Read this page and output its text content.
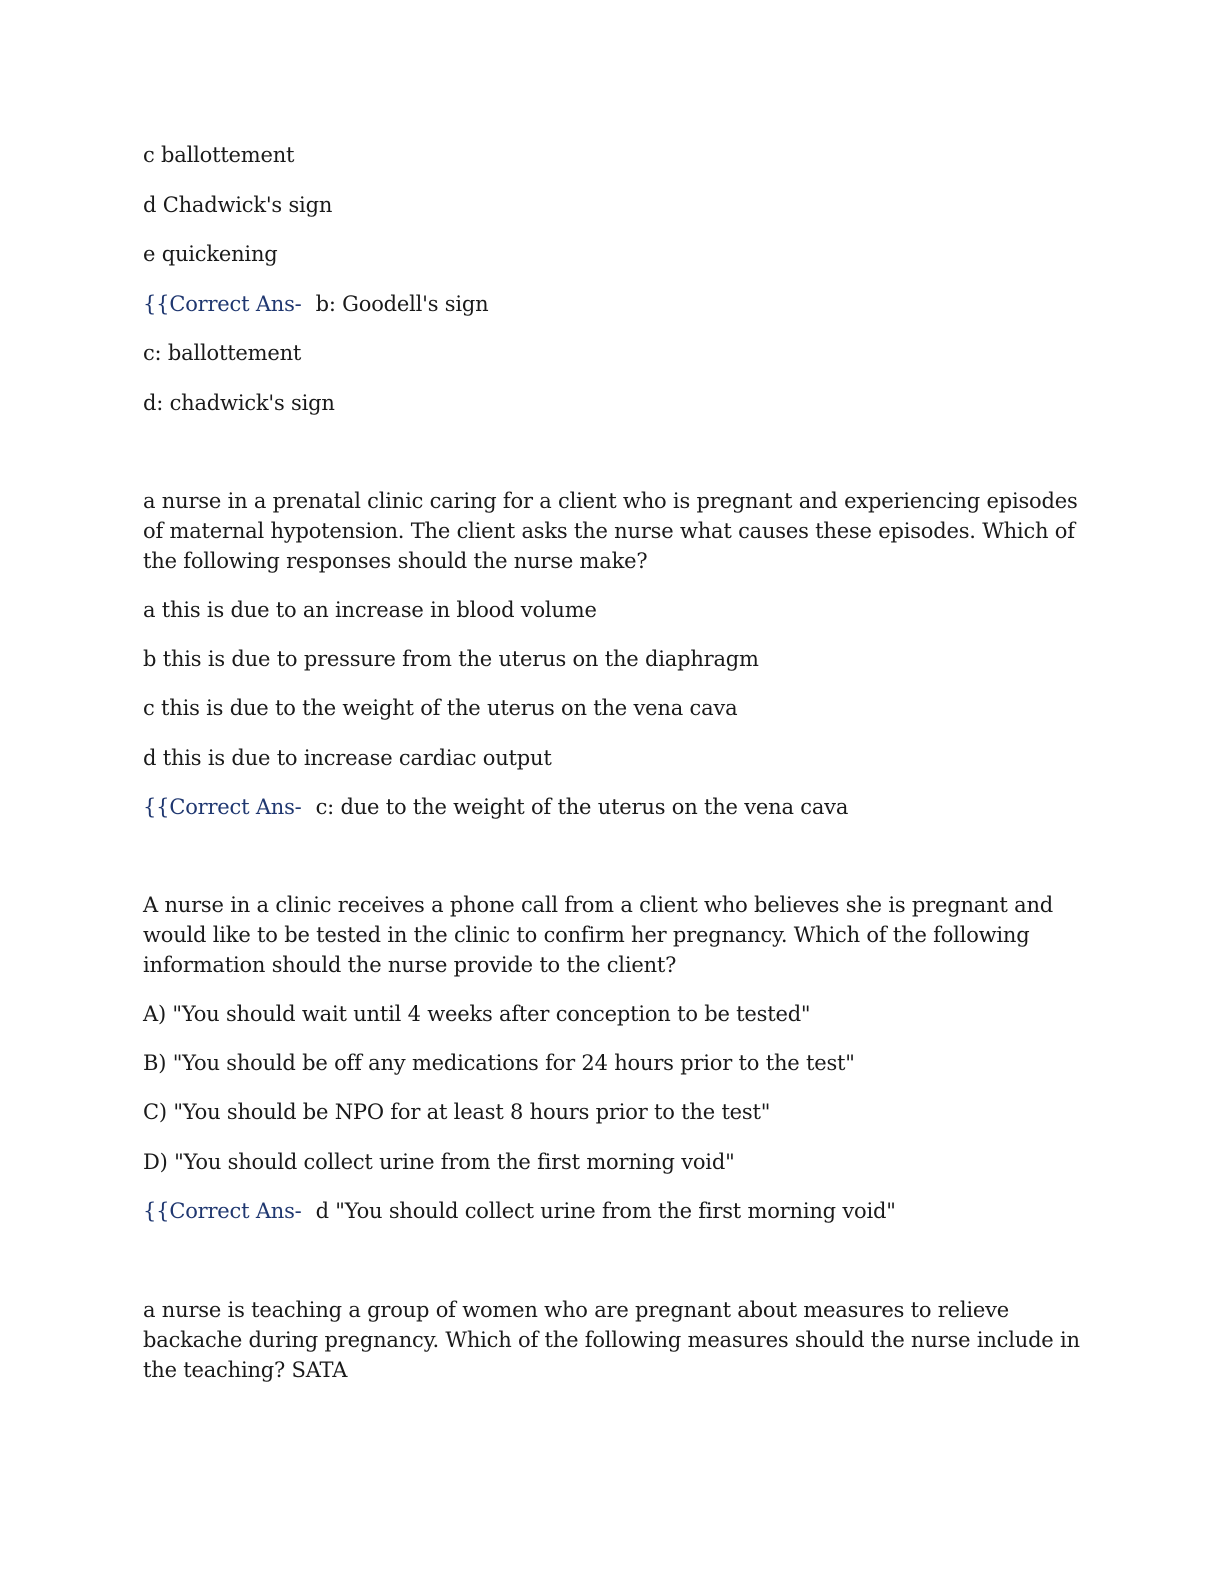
c ballottement

d Chadwick's sign

e quickening

{{Correct Ans- b: Goodell's sign

c: ballottement

d: chadwick's sign

a nurse in a prenatal clinic caring for a client who is pregnant and experiencing episodes of maternal hypotension. The client asks the nurse what causes these episodes. Which of the following responses should the nurse make?

a this is due to an increase in blood volume

b this is due to pressure from the uterus on the diaphragm

c this is due to the weight of the uterus on the vena cava

d this is due to increase cardiac output

{{Correct Ans- c: due to the weight of the uterus on the vena cava

A nurse in a clinic receives a phone call from a client who believes she is pregnant and would like to be tested in the clinic to confirm her pregnancy. Which of the following information should the nurse provide to the client?

A) "You should wait until 4 weeks after conception to be tested"

B) "You should be off any medications for 24 hours prior to the test"

C) "You should be NPO for at least 8 hours prior to the test"

D) "You should collect urine from the first morning void"

{{Correct Ans- d "You should collect urine from the first morning void"

a nurse is teaching a group of women who are pregnant about measures to relieve backache during pregnancy. Which of the following measures should the nurse include in the teaching? SATA
